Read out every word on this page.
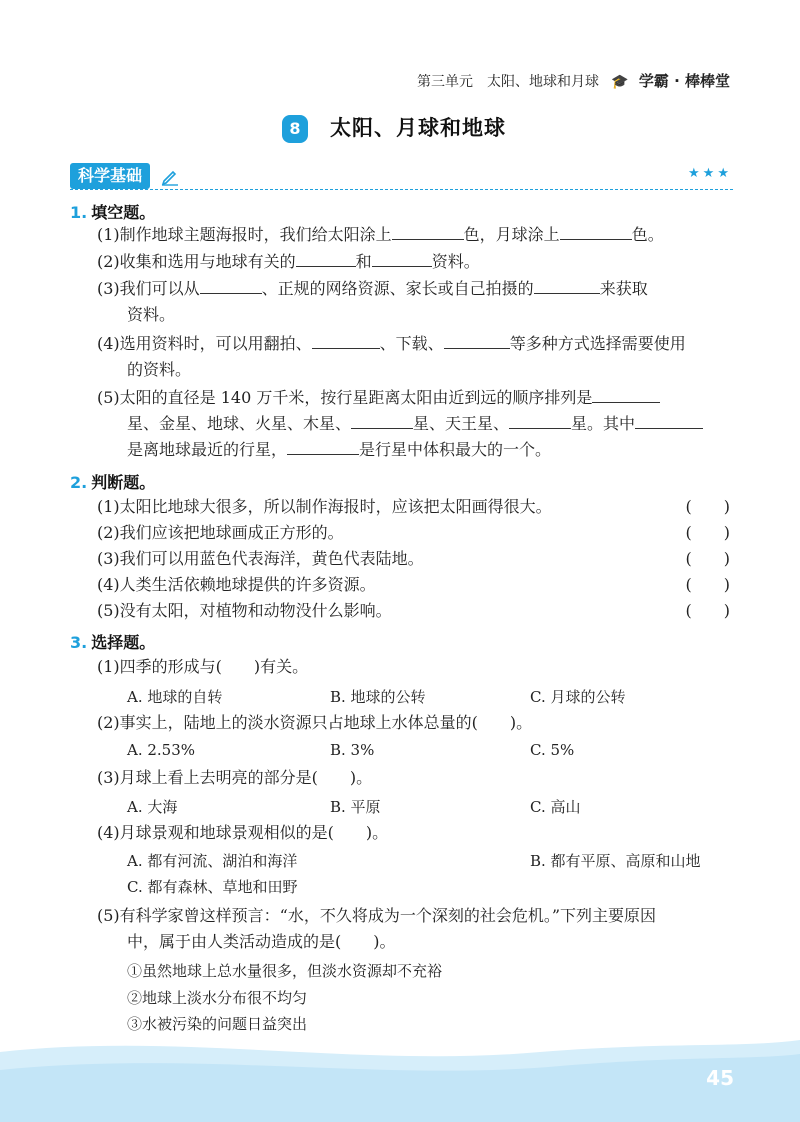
第三单元　太阳、地球和月球 🎓 学霸 · 棒棒堂
8	太阳、月球和地球
科学基础	★★★
1. 填空题。
(1)制作地球主题海报时，我们给太阳涂上	色，月球涂上	色。
(2)收集和选用与地球有关的	和	资料。
(3)我们可以从	、正规的网络资源、家长或自己拍摄的	来获取
资料。
(4)选用资料时，可以用翻拍、	、下载、	等多种方式选择需要使用
的资料。
(5)太阳的直径是 140 万千米，按行星距离太阳由近到远的顺序排列是
星、金星、地球、火星、木星、	星、天王星、	星。其中
是离地球最近的行星，	是行星中体积最大的一个。
2. 判断题。
(1)太阳比地球大很多，所以制作海报时，应该把太阳画得很大。	(　　)
(2)我们应该把地球画成正方形的。	(　　)
(3)我们可以用蓝色代表海洋，黄色代表陆地。	(　　)
(4)人类生活依赖地球提供的许多资源。	(　　)
(5)没有太阳，对植物和动物没什么影响。	(　　)
3. 选择题。
(1)四季的形成与(　　)有关。
A. 地球的自转	B. 地球的公转	C. 月球的公转
(2)事实上，陆地上的淡水资源只占地球上水体总量的(　　)。
A. 2.53%	B. 3%	C. 5%
(3)月球上看上去明亮的部分是(　　)。
A. 大海	B. 平原	C. 高山
(4)月球景观和地球景观相似的是(　　)。
A. 都有河流、湖泊和海洋	B. 都有平原、高原和山地
C. 都有森林、草地和田野
(5)有科学家曾这样预言：“水，不久将成为一个深刻的社会危机。”下列主要原因
中，属于由人类活动造成的是(　　)。
①虽然地球上总水量很多，但淡水资源却不充裕
②地球上淡水分布很不均匀
③水被污染的问题日益突出
45
